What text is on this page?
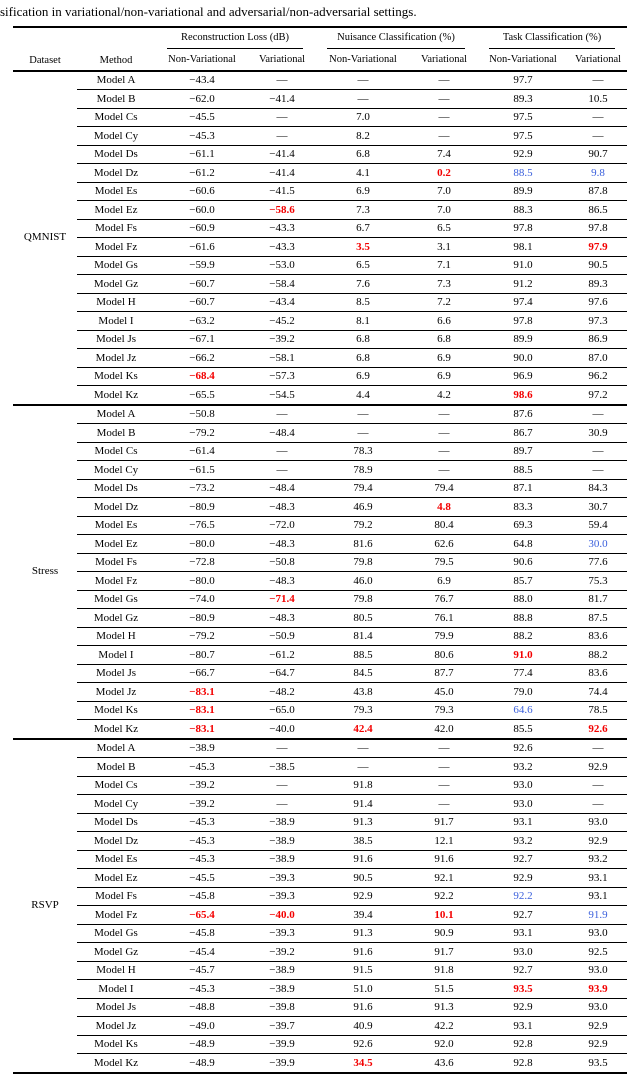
sification in variational/non-variational and adversarial/non-adversarial settings.
Dataset	Method	Reconstruction Loss (dB)		Nuisance Classification (%)		Task Classification (%)	

		Non-Variational	Variational	Non-Variational	Variational	Non-Variational	Variational
QMNIST	Model A	−43.4	—	—	—	97.7	—
	Model B	−62.0	−41.4	—	—	89.3	10.5
	Model Cs	−45.5	—	7.0	—	97.5	—
	Model Cy	−45.3	—	8.2	—	97.5	—
	Model Ds	−61.1	−41.4	6.8	7.4	92.9	90.7
	Model Dz	−61.2	−41.4	4.1	0.2	88.5	9.8
	Model Es	−60.6	−41.5	6.9	7.0	89.9	87.8
	Model Ez	−60.0	−58.6	7.3	7.0	88.3	86.5
	Model Fs	−60.9	−43.3	6.7	6.5	97.8	97.8
	Model Fz	−61.6	−43.3	3.5	3.1	98.1	97.9
	Model Gs	−59.9	−53.0	6.5	7.1	91.0	90.5
	Model Gz	−60.7	−58.4	7.6	7.3	91.2	89.3
	Model H	−60.7	−43.4	8.5	7.2	97.4	97.6
	Model I	−63.2	−45.2	8.1	6.6	97.8	97.3
	Model Js	−67.1	−39.2	6.8	6.8	89.9	86.9
	Model Jz	−66.2	−58.1	6.8	6.9	90.0	87.0
	Model Ks	−68.4	−57.3	6.9	6.9	96.9	96.2
	Model Kz	−65.5	−54.5	4.4	4.2	98.6	97.2
Stress	Model A	−50.8	—	—	—	87.6	—
	Model B	−79.2	−48.4	—	—	86.7	30.9
	Model Cs	−61.4	—	78.3	—	89.7	—
	Model Cy	−61.5	—	78.9	—	88.5	—
	Model Ds	−73.2	−48.4	79.4	79.4	87.1	84.3
	Model Dz	−80.9	−48.3	46.9	4.8	83.3	30.7
	Model Es	−76.5	−72.0	79.2	80.4	69.3	59.4
	Model Ez	−80.0	−48.3	81.6	62.6	64.8	30.0
	Model Fs	−72.8	−50.8	79.8	79.5	90.6	77.6
	Model Fz	−80.0	−48.3	46.0	6.9	85.7	75.3
	Model Gs	−74.0	−71.4	79.8	76.7	88.0	81.7
	Model Gz	−80.9	−48.3	80.5	76.1	88.8	87.5
	Model H	−79.2	−50.9	81.4	79.9	88.2	83.6
	Model I	−80.7	−61.2	88.5	80.6	91.0	88.2
	Model Js	−66.7	−64.7	84.5	87.7	77.4	83.6
	Model Jz	−83.1	−48.2	43.8	45.0	79.0	74.4
	Model Ks	−83.1	−65.0	79.3	79.3	64.6	78.5
	Model Kz	−83.1	−40.0	42.4	42.0	85.5	92.6
RSVP	Model A	−38.9	—	—	—	92.6	—
	Model B	−45.3	−38.5	—	—	93.2	92.9
	Model Cs	−39.2	—	91.8	—	93.0	—
	Model Cy	−39.2	—	91.4	—	93.0	—
	Model Ds	−45.3	−38.9	91.3	91.7	93.1	93.0
	Model Dz	−45.3	−38.9	38.5	12.1	93.2	92.9
	Model Es	−45.3	−38.9	91.6	91.6	92.7	93.2
	Model Ez	−45.5	−39.3	90.5	92.1	92.9	93.1
	Model Fs	−45.8	−39.3	92.9	92.2	92.2	93.1
	Model Fz	−65.4	−40.0	39.4	10.1	92.7	91.9
	Model Gs	−45.8	−39.3	91.3	90.9	93.1	93.0
	Model Gz	−45.4	−39.2	91.6	91.7	93.0	92.5
	Model H	−45.7	−38.9	91.5	91.8	92.7	93.0
	Model I	−45.3	−38.9	51.0	51.5	93.5	93.9
	Model Js	−48.8	−39.8	91.6	91.3	92.9	93.0
	Model Jz	−49.0	−39.7	40.9	42.2	93.1	92.9
	Model Ks	−48.9	−39.9	92.6	92.0	92.8	92.9
	Model Kz	−48.9	−39.9	34.5	43.6	92.8	93.5
